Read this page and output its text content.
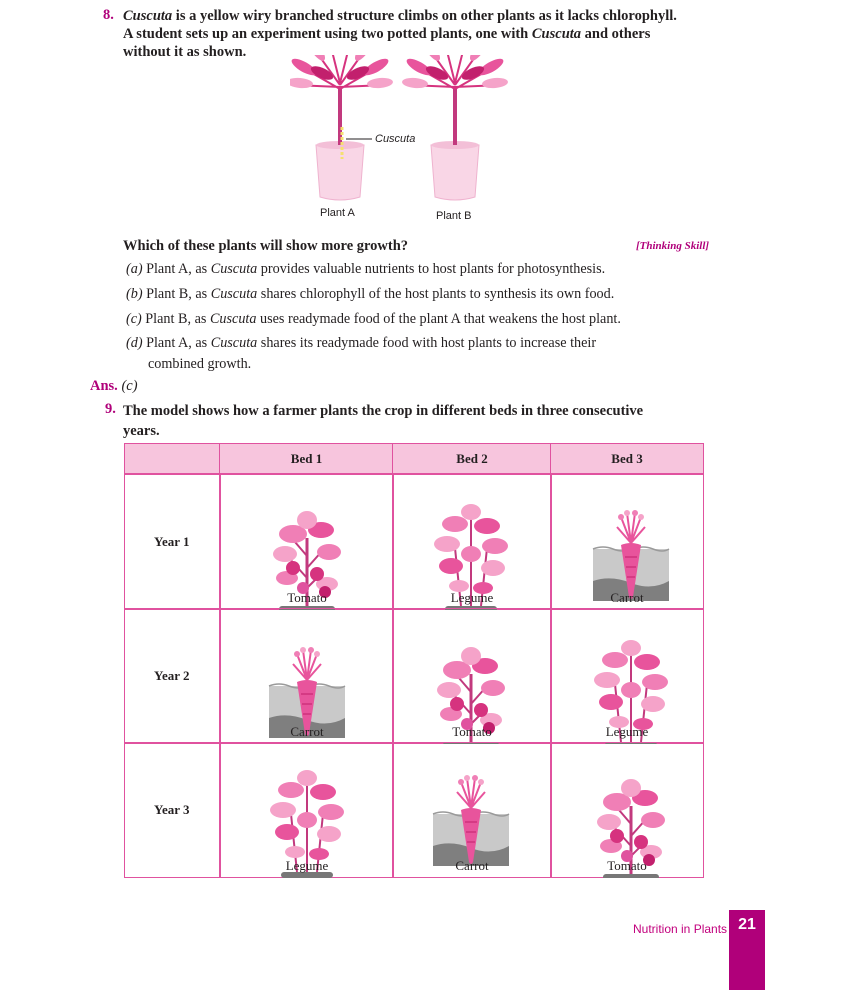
8. Cuscuta is a yellow wiry branched structure climbs on other plants as it lacks chlorophyll.
A student sets up an experiment using two potted plants, one with Cuscuta and others
without it as shown.
Cuscuta
Plant A	Plant B
Which of these plants will show more growth?	[Thinking Skill]
(a) Plant A, as Cuscuta provides valuable nutrients to host plants for photosynthesis.
(b) Plant B, as Cuscuta shares chlorophyll of the host plants to synthesis its own food.
(c) Plant B, as Cuscuta uses readymade food of the plant A that weakens the host plant.
(d) Plant A, as Cuscuta shares its readymade food with host plants to increase their
combined growth.
Ans. (c)
9. The model shows how a farmer plants the crop in different beds in three consecutive
years.
Bed 1	Bed 2	Bed 3
Year 1
Tomato	Legume	Carrot
Year 2
Carrot	Tomato	Legume
Year 3
Legume	Carrot	Tomato
Nutrition in Plants 21
